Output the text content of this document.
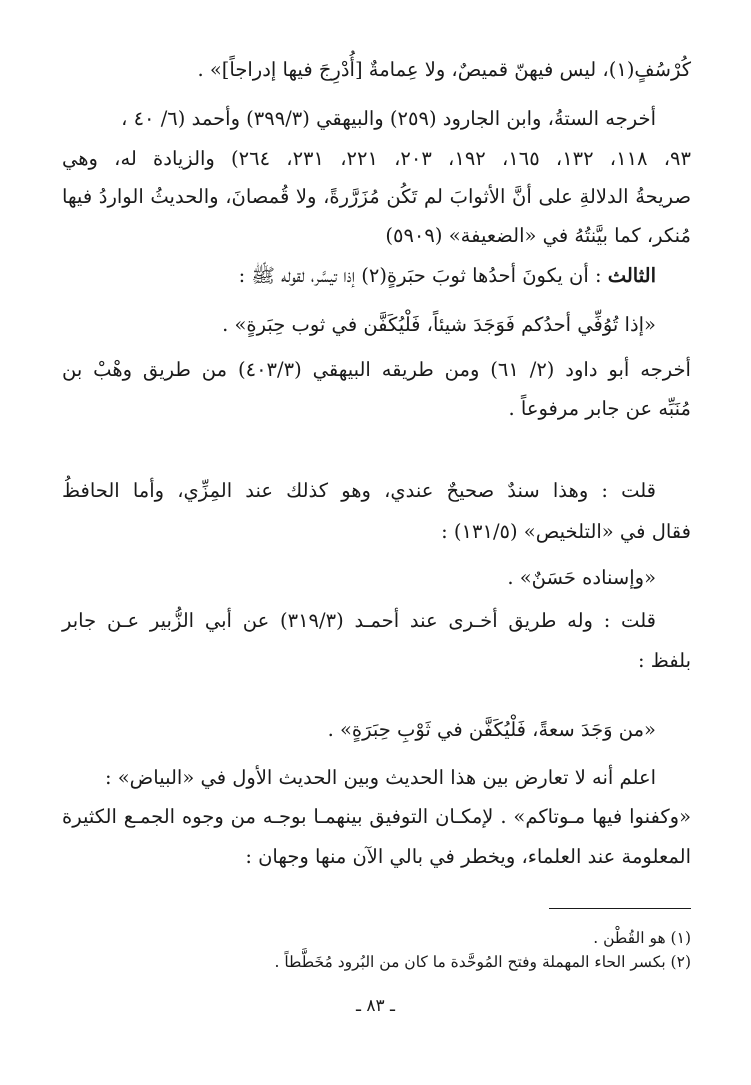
كُرْسُفٍ(١)، ليس فيهنّ قميصٌ، ولا عِمامةٌ [أُدْرِجَ فيها إدراجاً]» .
أخرجه الستةُ، وابن الجارود (٢٥٩) والبيهقي (٣٩٩/٣) وأحمد (٦/ ٤٠ ،
٩٣، ١١٨، ١٣٢، ١٦٥، ١٩٢، ٢٠٣، ٢٢١، ٢٣١، ٢٦٤) والزيادة له، وهي
صريحةُ الدلالةِ على أنَّ الأثوابَ لم تَكُن مُزَرَّرةً، ولا قُمصانَ، والحديثُ الواردُ فيها
مُنكر، كما بيَّنتُهُ في «الضعيفة» (٥٩٠٩)
الثالث : أن يكونَ أحدُها ثوبَ حبَرةٍ(٢) إذا تيسَّر، لقوله ﷺ :
«إذا تُوُفِّي أحدُكم فَوَجَدَ شيئاً، فَلْيُكَفَّن في ثوب حِبَرةٍ» .
أخرجه أبو داود (٢/ ٦١) ومن طريقه البيهقي (٤٠٣/٣) من طريق وهْبْ بن
مُنَبِّه عن جابر مرفوعاً .
قلت : وهذا سندٌ صحيحٌ عندي، وهو كذلك عند المِزِّي، وأما الحافظُ
فقال في «التلخيص» (١٣١/٥) :
«وإسناده حَسَنٌ» .
قلت : وله طريق أخـرى عند أحمـد (٣١٩/٣) عن أبي الزُّبير عـن جابر
بلفظ :
«من وَجَدَ سعةً، فَلْيُكَفَّن في ثَوْبِ حِبَرَةٍ» .
اعلم أنه لا تعارض بين هذا الحديث وبين الحديث الأول في «البياض» :
«وكفنوا فيها مـوتاكم» . لإمكـان التوفيق بينهمـا بوجـه من وجوه الجمـع الكثيرة
المعلومة عند العلماء، ويخطر في بالي الآن منها وجهان :
(١) هو القُطْن .
(٢) بكسر الحاء المهملة وفتح المُوحَّدة ما كان من البُرود مُخَطَّطاً .
ـ ٨٣ ـ
